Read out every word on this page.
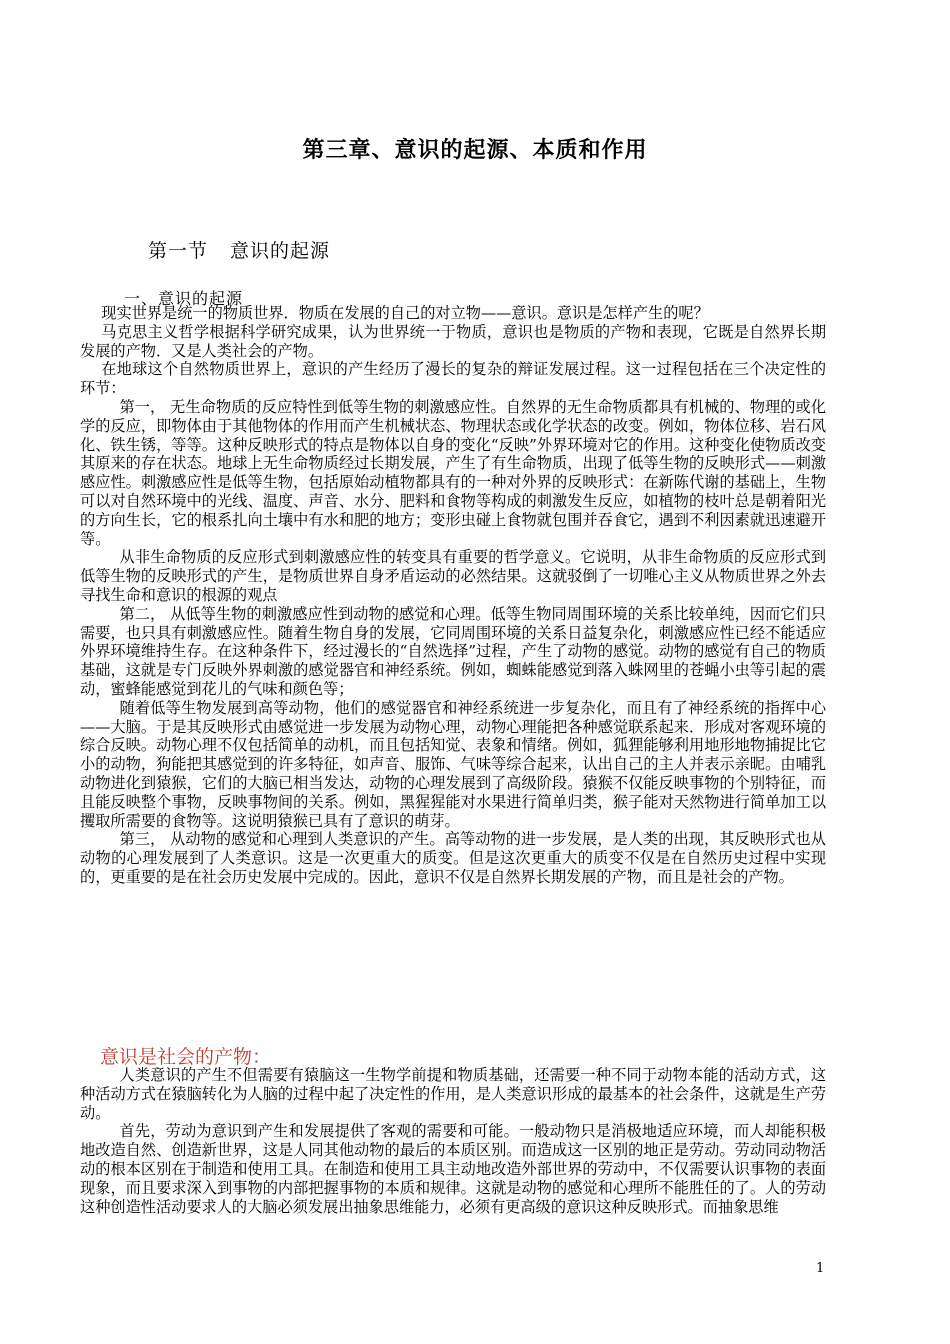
第三章、意识的起源、本质和作用
第一节 意识的起源
一、意识的起源

现实世界是统一的物质世界．物质在发展的自己的对立物——意识。意识是怎样产生的呢？

马克思主义哲学根据科学研究成果，认为世界统一于物质，意识也是物质的产物和表现，它既是自然界长期发展的产物．又是人类社会的产物。

在地球这个自然物质世界上，意识的产生经历了漫长的复杂的辩证发展过程。这一过程包括在三个决定性的环节：

第一， 无生命物质的反应特性到低等生物的刺激感应性。自然界的无生命物质都具有机械的、物理的或化学的反应，即物体由于其他物体的作用而产生机械状态、物理状态或化学状态的改变。例如，物体位移、岩石风化、铁生锈，等等。这种反映形式的特点是物体以自身的变化“反映”外界环境对它的作用。这种变化使物质改变其原来的存在状态。地球上无生命物质经过长期发展，产生了有生命物质，出现了低等生物的反映形式——刺激感应性。刺激感应性是低等生物，包括原始动植物都具有的一种对外界的反映形式：在新陈代谢的基础上，生物可以对自然环境中的光线、温度、声音、水分、肥料和食物等构成的刺激发生反应，如植物的枝叶总是朝着阳光的方向生长，它的根系扎向土壤中有水和肥的地方；变形虫碰上食物就包围并吞食它，遇到不利因素就迅速避开等。

从非生命物质的反应形式到刺激感应性的转变具有重要的哲学意义。它说明，从非生命物质的反应形式到低等生物的反映形式的产生，是物质世界自身矛盾运动的必然结果。这就驳倒了一切唯心主义从物质世界之外去寻找生命和意识的根源的观点

第二， 从低等生物的刺激感应性到动物的感觉和心理。低等生物同周围环境的关系比较单纯，因而它们只需要，也只具有刺激感应性。随着生物自身的发展，它同周围环境的关系日益复杂化，刺激感应性已经不能适应外界环境维持生存。在这种条件下，经过漫长的“自然选择”过程，产生了动物的感觉。动物的感觉有自己的物质基础，这就是专门反映外界刺激的感觉器官和神经系统。例如，蜘蛛能感觉到落入蛛网里的苍蝇小虫等引起的震动，蜜蜂能感觉到花儿的气味和颜色等；

随着低等生物发展到高等动物，他们的感觉器官和神经系统进一步复杂化，而且有了神经系统的指挥中心——大脑。于是其反映形式由感觉进一步发展为动物心理，动物心理能把各种感觉联系起来．形成对客观环境的综合反映。动物心理不仅包括简单的动机，而且包括知觉、表象和情绪。例如，狐狸能够利用地形地物捕捉比它小的动物，狗能把其感觉到的许多特征，如声音、服饰、气味等综合起来，认出自己的主人并表示亲昵。由哺乳动物进化到猿猴，它们的大脑已相当发达，动物的心理发展到了高级阶段。猿猴不仅能反映事物的个别特征，而且能反映整个事物，反映事物间的关系。例如，黑猩猩能对水果进行简单归类，猴子能对天然物进行简单加工以攫取所需要的食物等。这说明猿猴已具有了意识的萌芽。

第三， 从动物的感觉和心理到人类意识的产生。高等动物的进一步发展，是人类的出现，其反映形式也从动物的心理发展到了人类意识。这是一次更重大的质变。但是这次更重大的质变不仅是在自然历史过程中实现的，更重要的是在社会历史发展中完成的。因此，意识不仅是自然界长期发展的产物，而且是社会的产物。

意识是社会的产物：

人类意识的产生不但需要有猿脑这一生物学前提和物质基础，还需要一种不同于动物本能的活动方式，这种活动方式在猿脑转化为人脑的过程中起了决定性的作用，是人类意识形成的最基本的社会条件，这就是生产劳动。

首先，劳动为意识到产生和发展提供了客观的需要和可能。一般动物只是消极地适应环境，而人却能积极地改造自然、创造新世界，这是人同其他动物的最后的本质区别。而造成这一区别的地正是劳动。劳动同动物活动的根本区别在于制造和使用工具。在制造和使用工具主动地改造外部世界的劳动中，不仅需要认识事物的表面现象，而且要求深入到事物的内部把握事物的本质和规律。这就是动物的感觉和心理所不能胜任的了。人的劳动这种创造性活动要求人的大脑必须发展出抽象思维能力，必须有更高级的意识这种反映形式。而抽象思维

1
